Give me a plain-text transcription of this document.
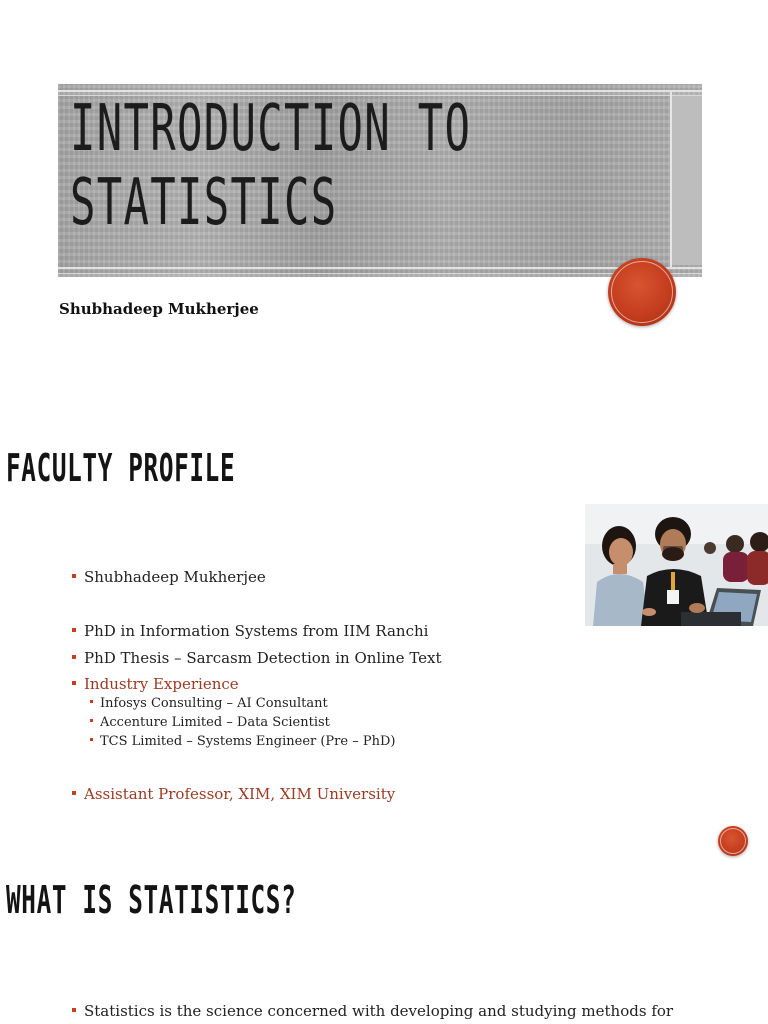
INTRODUCTION TO
STATISTICS
Shubhadeep Mukherjee
FACULTY PROFILE
Shubhadeep Mukherjee
PhD in Information Systems from IIM Ranchi
PhD Thesis – Sarcasm Detection in Online Text
Industry Experience
Infosys Consulting – AI Consultant
Accenture Limited – Data Scientist
TCS Limited – Systems Engineer (Pre – PhD)
Assistant Professor, XIM, XIM University
WHAT IS STATISTICS?
Statistics is the science concerned with developing and studying methods for
